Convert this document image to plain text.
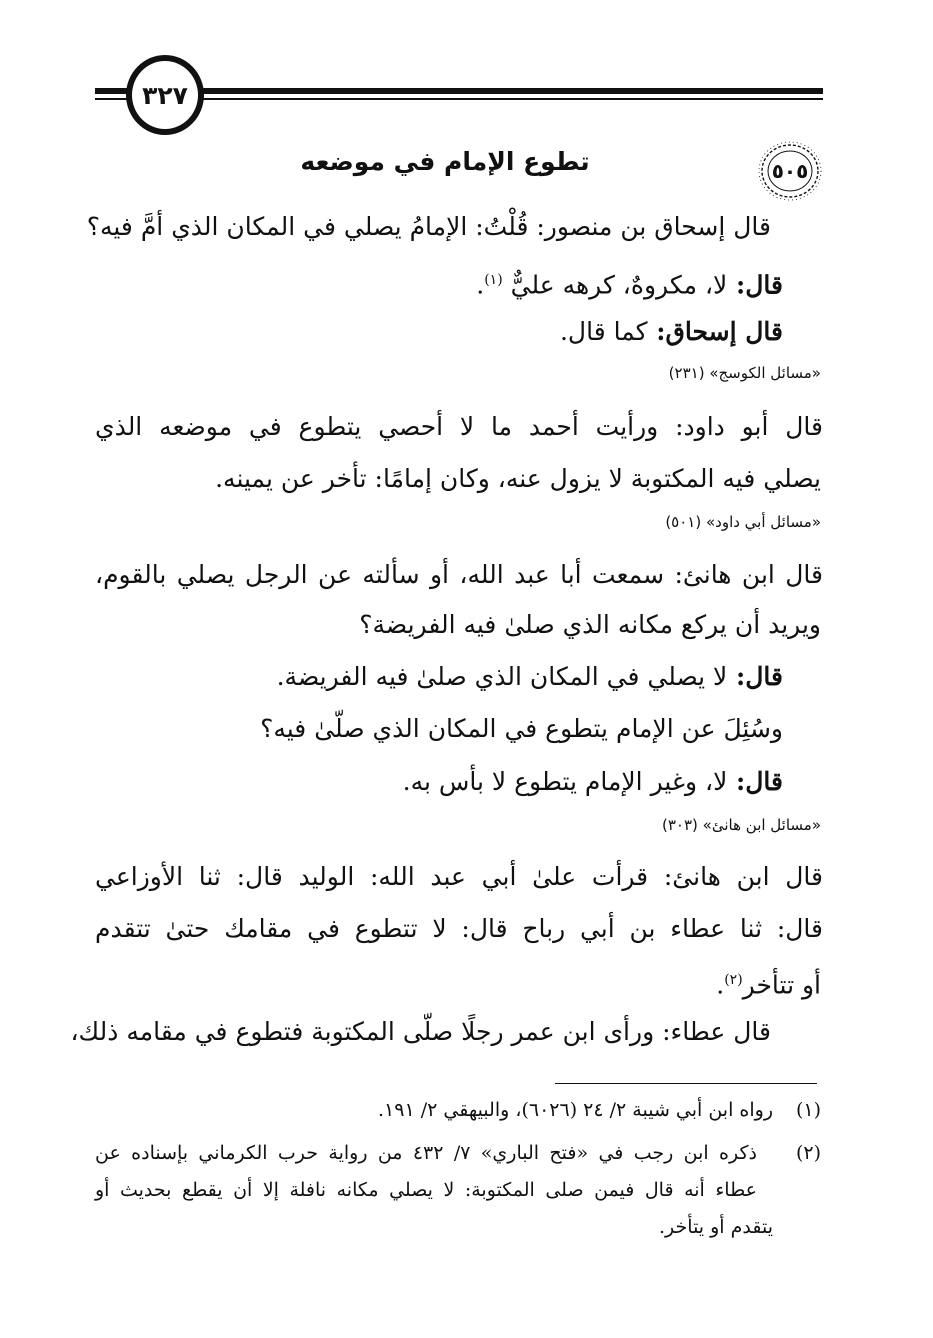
٣٢٧
٥٠٥
تطوع الإمام في موضعه
قال إسحاق بن منصور: قُلْتُ: الإمامُ يصلي في المكان الذي أمَّ فيه؟
قال: لا، مكروهٌ، كرهه عليٌّ $^{(١)}$.
قال إسحاق: كما قال.
«مسائل الكوسج» (٢٣١)
قال أبو داود: ورأيت أحمد ما لا أحصي يتطوع في موضعه الذي
يصلي فيه المكتوبة لا يزول عنه، وكان إمامًا: تأخر عن يمينه.
«مسائل أبي داود» (٥٠١)
قال ابن هانئ: سمعت أبا عبد الله، أو سألته عن الرجل يصلي بالقوم،
ويريد أن يركع مكانه الذي صلىٰ فيه الفريضة؟
قال: لا يصلي في المكان الذي صلىٰ فيه الفريضة.
وسُئِلَ عن الإمام يتطوع في المكان الذي صلّىٰ فيه؟
قال: لا، وغير الإمام يتطوع لا بأس به.
«مسائل ابن هانئ» (٣٠٣)
قال ابن هانئ: قرأت علىٰ أبي عبد الله: الوليد قال: ثنا الأوزاعي
قال: ثنا عطاء بن أبي رباح قال: لا تتطوع في مقامك حتىٰ تتقدم
أو تتأخر$^{(٢)}$.
قال عطاء: ورأى ابن عمر رجلًا صلّى المكتوبة فتطوع في مقامه ذلك،
(١)
رواه ابن أبي شيبة ٢/ ٢٤ (٦٠٢٦)، والبيهقي ٢/ ١٩١.
(٢)
ذكره ابن رجب في «فتح الباري» ٧/ ٤٣٢ من رواية حرب الكرماني بإسناده عن
عطاء أنه قال فيمن صلى المكتوبة: لا يصلي مكانه نافلة إلا أن يقطع بحديث أو
يتقدم أو يتأخر.
